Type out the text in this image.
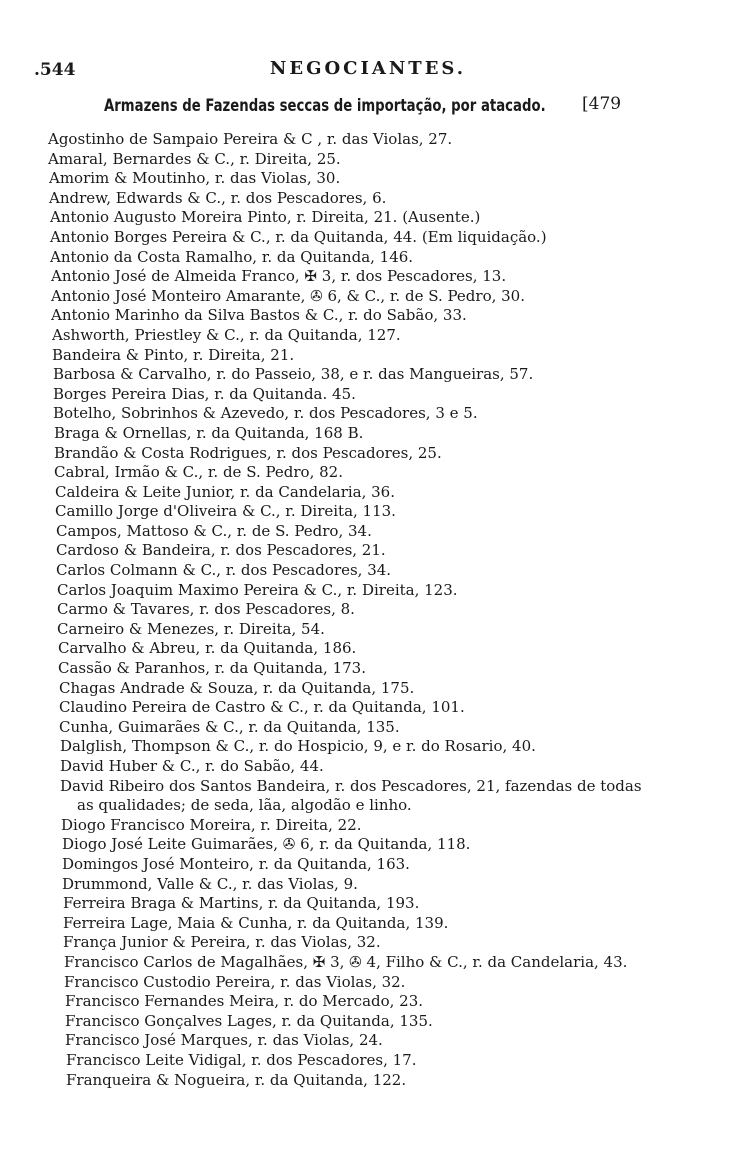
.544	NEGOCIANTES.
Armazens de Fazendas seccas de importação, por atacado. [479
Agostinho de Sampaio Pereira & C , r. das Violas, 27.
Amaral, Bernardes & C., r. Direita, 25.
Amorim & Moutinho, r. das Violas, 30.
Andrew, Edwards & C., r. dos Pescadores, 6.
Antonio Augusto Moreira Pinto, r. Direita, 21. (Ausente.)
Antonio Borges Pereira & C., r. da Quitanda, 44. (Em liquidação.)
Antonio da Costa Ramalho, r. da Quitanda, 146.
Antonio José de Almeida Franco, ✠ 3, r. dos Pescadores, 13.
Antonio José Monteiro Amarante, ✇ 6, & C., r. de S. Pedro, 30.
Antonio Marinho da Silva Bastos & C., r. do Sabão, 33.
Ashworth, Priestley & C., r. da Quitanda, 127.
Bandeira & Pinto, r. Direita, 21.
Barbosa & Carvalho, r. do Passeio, 38, e r. das Mangueiras, 57.
Borges Pereira Dias, r. da Quitanda. 45.
Botelho, Sobrinhos & Azevedo, r. dos Pescadores, 3 e 5.
Braga & Ornellas, r. da Quitanda, 168 B.
Brandão & Costa Rodrigues, r. dos Pescadores, 25.
Cabral, Irmão & C., r. de S. Pedro, 82.
Caldeira & Leite Junior, r. da Candelaria, 36.
Camillo Jorge d'Oliveira & C., r. Direita, 113.
Campos, Mattoso & C., r. de S. Pedro, 34.
Cardoso & Bandeira, r. dos Pescadores, 21.
Carlos Colmann & C., r. dos Pescadores, 34.
Carlos Joaquim Maximo Pereira & C., r. Direita, 123.
Carmo & Tavares, r. dos Pescadores, 8.
Carneiro & Menezes, r. Direita, 54.
Carvalho & Abreu, r. da Quitanda, 186.
Cassão & Paranhos, r. da Quitanda, 173.
Chagas Andrade & Souza, r. da Quitanda, 175.
Claudino Pereira de Castro & C., r. da Quitanda, 101.
Cunha, Guimarães & C., r. da Quitanda, 135.
Dalglish, Thompson & C., r. do Hospicio, 9, e r. do Rosario, 40.
David Huber & C., r. do Sabão, 44.
David Ribeiro dos Santos Bandeira, r. dos Pescadores, 21, fazendas de todas
as qualidades; de seda, lãa, algodão e linho.
Diogo Francisco Moreira, r. Direita, 22.
Diogo José Leite Guimarães, ✇ 6, r. da Quitanda, 118.
Domingos José Monteiro, r. da Quitanda, 163.
Drummond, Valle & C., r. das Violas, 9.
Ferreira Braga & Martins, r. da Quitanda, 193.
Ferreira Lage, Maia & Cunha, r. da Quitanda, 139.
França Junior & Pereira, r. das Violas, 32.
Francisco Carlos de Magalhães, ✠ 3, ✇ 4, Filho & C., r. da Candelaria, 43.
Francisco Custodio Pereira, r. das Violas, 32.
Francisco Fernandes Meira, r. do Mercado, 23.
Francisco Gonçalves Lages, r. da Quitanda, 135.
Francisco José Marques, r. das Violas, 24.
Francisco Leite Vidigal, r. dos Pescadores, 17.
Franqueira & Nogueira, r. da Quitanda, 122.
